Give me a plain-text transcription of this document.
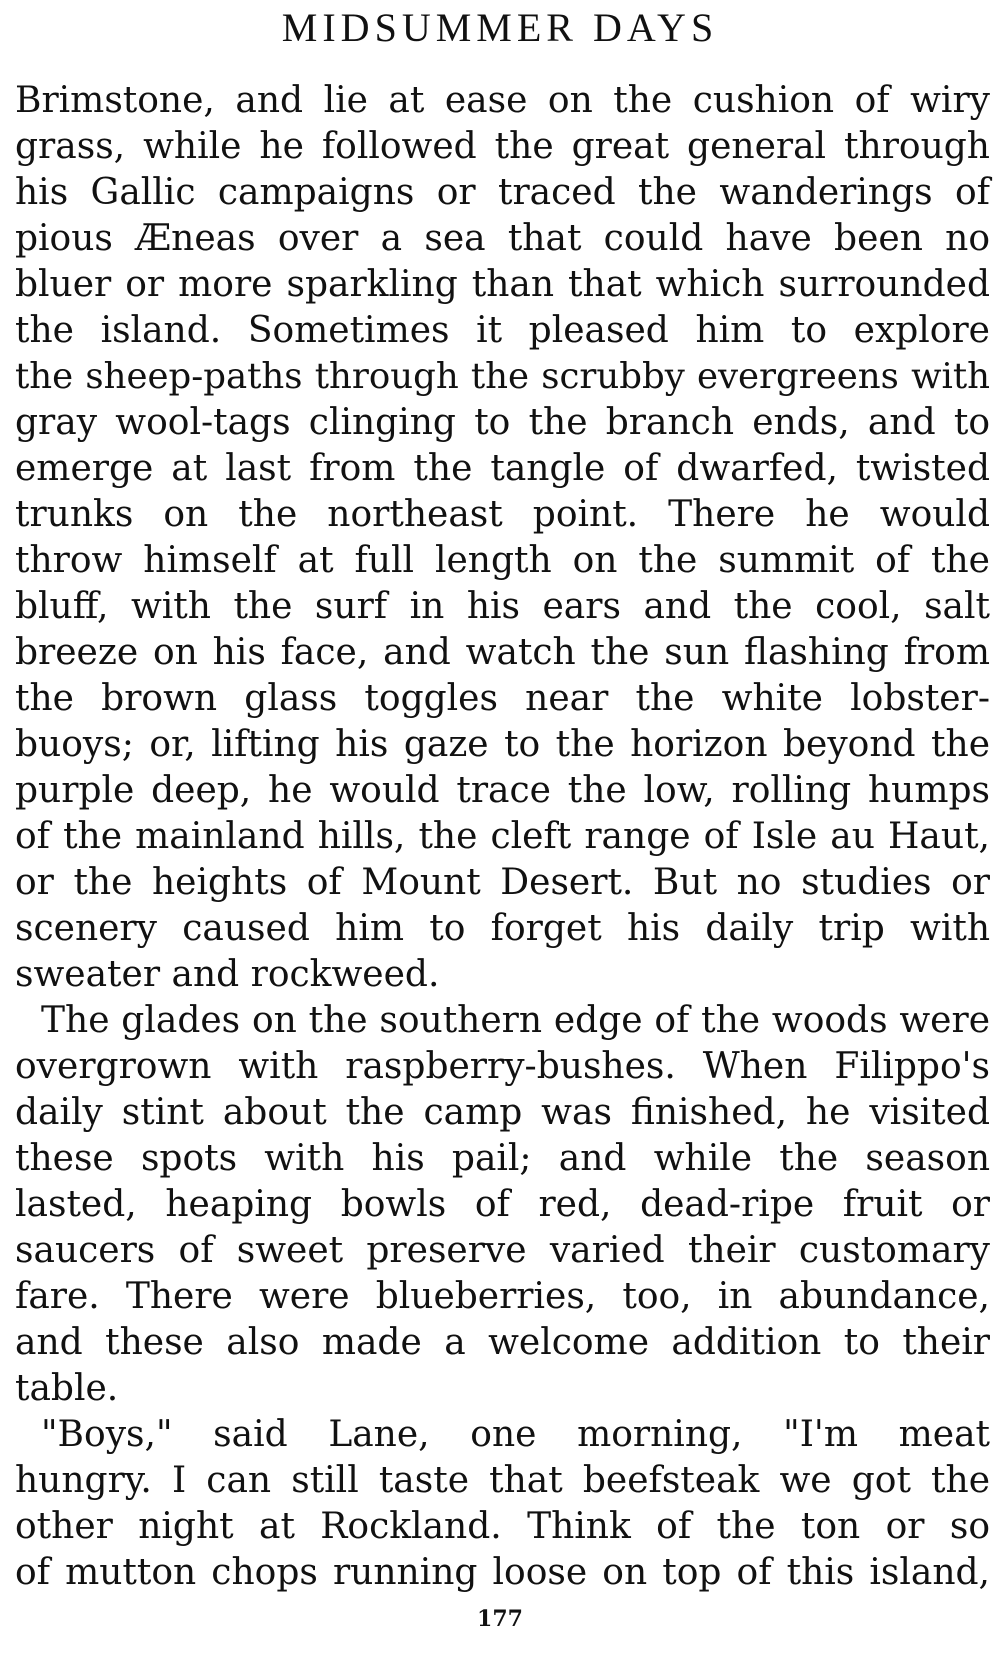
MIDSUMMER DAYS
Brimstone, and lie at ease on the cushion of wiry
grass, while he followed the great general through
his Gallic campaigns or traced the wanderings of
pious Æneas over a sea that could have been no
bluer or more sparkling than that which surrounded
the island. Sometimes it pleased him to explore
the sheep-paths through the scrubby evergreens with
gray wool-tags clinging to the branch ends, and to
emerge at last from the tangle of dwarfed, twisted
trunks on the northeast point. There he would
throw himself at full length on the summit of the
bluff, with the surf in his ears and the cool, salt
breeze on his face, and watch the sun flashing from
the brown glass toggles near the white lobster-
buoys; or, lifting his gaze to the horizon beyond the
purple deep, he would trace the low, rolling humps
of the mainland hills, the cleft range of Isle au Haut,
or the heights of Mount Desert. But no studies or
scenery caused him to forget his daily trip with
sweater and rockweed.
The glades on the southern edge of the woods were
overgrown with raspberry-bushes. When Filippo's
daily stint about the camp was finished, he visited
these spots with his pail; and while the season
lasted, heaping bowls of red, dead-ripe fruit or
saucers of sweet preserve varied their customary
fare. There were blueberries, too, in abundance,
and these also made a welcome addition to their
table.
"Boys," said Lane, one morning, "I'm meat
hungry. I can still taste that beefsteak we got the
other night at Rockland. Think of the ton or so
of mutton chops running loose on top of this island,
177
